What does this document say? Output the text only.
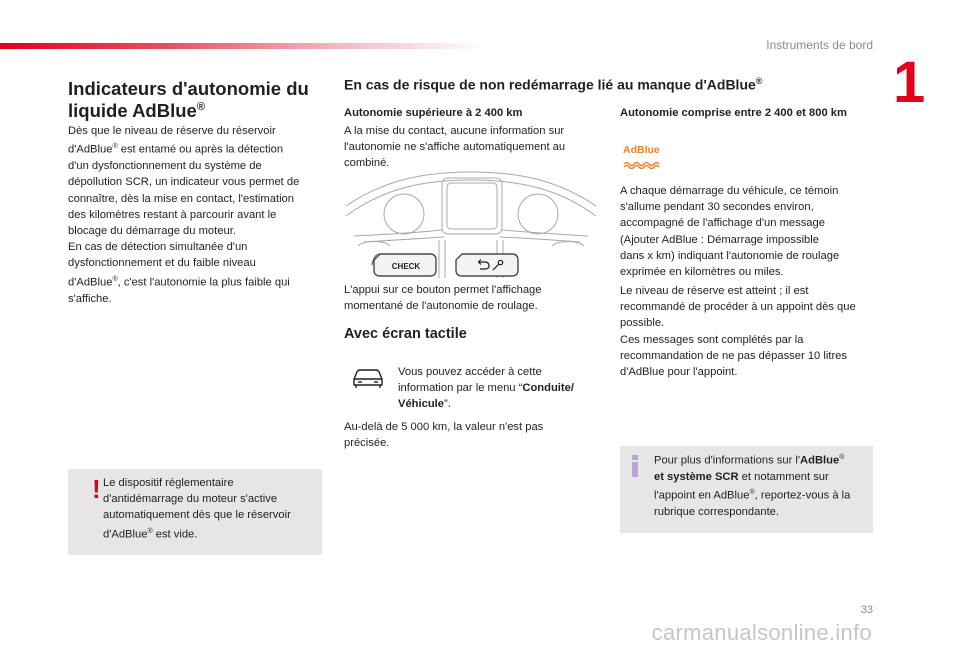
Instruments de bord
1
Indicateurs d'autonomie du
liquide AdBlue®

Dès que le niveau de réserve du réservoir

d'AdBlue® est entamé ou après la détection

d'un dysfonctionnement du système de

dépollution SCR, un indicateur vous permet de

connaître, dès la mise en contact, l'estimation

des kilomètres restant à parcourir avant le

blocage du démarrage du moteur.

En cas de détection simultanée d'un

dysfonctionnement et du faible niveau

d'AdBlue®, c'est l'autonomie la plus faible qui

s'affiche.

! Le dispositif réglementaire

d'antidémarrage du moteur s'active

automatiquement dès que le réservoir

d'AdBlue® est vide.

En cas de risque de non redémarrage lié au manque d'AdBlue®
Autonomie supérieure à 2 400 km

A la mise du contact, aucune information sur

l'autonomie ne s'affiche automatiquement au

combiné.

CHECK

L'appui sur ce bouton permet l'affichage

momentané de l'autonomie de roulage.

Avec écran tactile

Vous pouvez accéder à cette

information par le menu “Conduite/

Véhicule”.

Au-delà de 5 000 km, la valeur n'est pas

précisée.

Autonomie comprise entre 2 400 et 800 km
AdBlue

A chaque démarrage du véhicule, ce témoin

s'allume pendant 30 secondes environ,

accompagné de l'affichage d'un message

(Ajouter AdBlue : Démarrage impossible

dans x km) indiquant l'autonomie de roulage

exprimée en kilomètres ou miles.

Le niveau de réserve est atteint ; il est

recommandé de procéder à un appoint dès que

possible.

Ces messages sont complétés par la

recommandation de ne pas dépasser 10 litres

d'AdBlue pour l'appoint.

Pour plus d'informations sur l'AdBlue®

et système SCR et notamment sur

l'appoint en AdBlue®, reportez-vous à la

rubrique correspondante.

33
carmanualsonline.info
